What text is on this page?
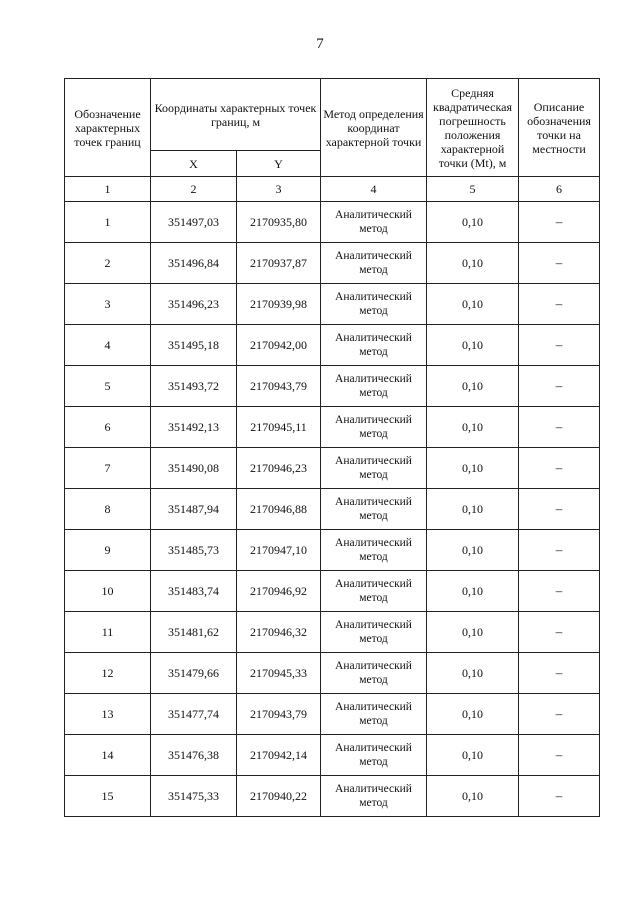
7
Обозначение характерных точек границ	Координаты характерных точек границ, м		Метод определения координат характерной точки	Средняя квадратическая погрешность положения характерной точки (Mt), м	Описание обозначения точки на местности
	X	Y			
1	2	3	4	5	6
1	351497,03	2170935,80	Аналитический метод	0,10	–
2	351496,84	2170937,87	Аналитический метод	0,10	–
3	351496,23	2170939,98	Аналитический метод	0,10	–
4	351495,18	2170942,00	Аналитический метод	0,10	–
5	351493,72	2170943,79	Аналитический метод	0,10	–
6	351492,13	2170945,11	Аналитический метод	0,10	–
7	351490,08	2170946,23	Аналитический метод	0,10	–
8	351487,94	2170946,88	Аналитический метод	0,10	–
9	351485,73	2170947,10	Аналитический метод	0,10	–
10	351483,74	2170946,92	Аналитический метод	0,10	–
11	351481,62	2170946,32	Аналитический метод	0,10	–
12	351479,66	2170945,33	Аналитический метод	0,10	–
13	351477,74	2170943,79	Аналитический метод	0,10	–
14	351476,38	2170942,14	Аналитический метод	0,10	–
15	351475,33	2170940,22	Аналитический метод	0,10	–
